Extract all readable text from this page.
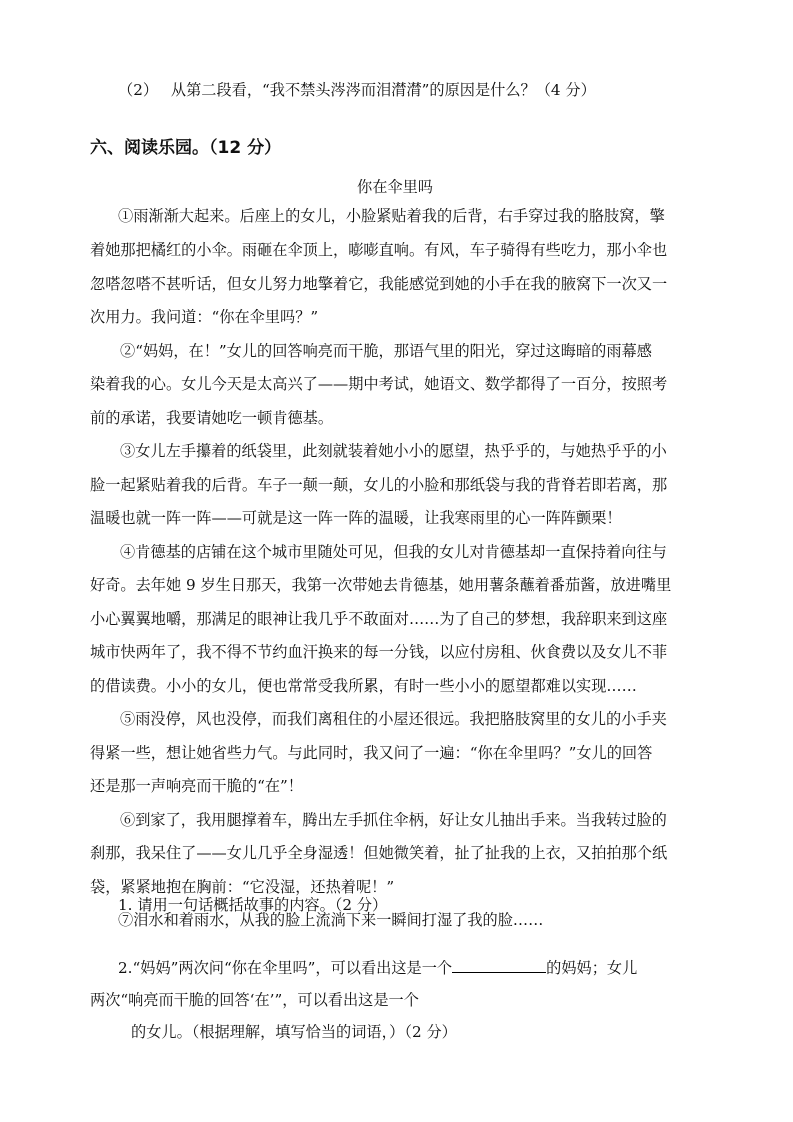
（2） 从第二段看，“我不禁头涔涔而泪潸潸”的原因是什么？（4 分）
六、阅读乐园。（12 分）
你在伞里吗
①雨渐渐大起来。后座上的女儿，小脸紧贴着我的后背，右手穿过我的胳肢窝，擎
着她那把橘红的小伞。雨砸在伞顶上，嘭嘭直响。有风，车子骑得有些吃力，那小伞也
忽嗒忽嗒不甚听话，但女儿努力地擎着它，我能感觉到她的小手在我的腋窝下一次又一
次用力。我问道：“你在伞里吗？”
②“妈妈，在！”女儿的回答响亮而干脆，那语气里的阳光，穿过这晦暗的雨幕感
染着我的心。女儿今天是太高兴了——期中考试，她语文、数学都得了一百分，按照考
前的承诺，我要请她吃一顿肯德基。
③女儿左手攥着的纸袋里，此刻就装着她小小的愿望，热乎乎的，与她热乎乎的小
脸一起紧贴着我的后背。车子一颠一颠，女儿的小脸和那纸袋与我的背脊若即若离，那
温暖也就一阵一阵——可就是这一阵一阵的温暖，让我寒雨里的心一阵阵颤栗！
④肯德基的店铺在这个城市里随处可见，但我的女儿对肯德基却一直保持着向往与
好奇。去年她 9 岁生日那天，我第一次带她去肯德基，她用薯条蘸着番茄酱，放进嘴里
小心翼翼地嚼，那满足的眼神让我几乎不敢面对……为了自己的梦想，我辞职来到这座
城市快两年了，我不得不节约血汗换来的每一分钱，以应付房租、伙食费以及女儿不菲
的借读费。小小的女儿，便也常常受我所累，有时一些小小的愿望都难以实现……
⑤雨没停，风也没停，而我们离租住的小屋还很远。我把胳肢窝里的女儿的小手夹
得紧一些，想让她省些力气。与此同时，我又问了一遍：“你在伞里吗？”女儿的回答
还是那一声响亮而干脆的“在”！
⑥到家了，我用腿撑着车，腾出左手抓住伞柄，好让女儿抽出手来。当我转过脸的
刹那，我呆住了——女儿几乎全身湿透！但她微笑着，扯了扯我的上衣，又拍拍那个纸
袋，紧紧地抱在胸前：“它没湿，还热着呢！”
⑦泪水和着雨水，从我的脸上流淌下来一瞬间打湿了我的脸……
1. 请用一句话概括故事的内容。（2 分）
2.“妈妈”两次问“你在伞里吗”，可以看出这是一个	的妈妈；女儿
两次“响亮而干脆的回答‘在’”，可以看出这是一个
的女儿。（根据理解，填写恰当的词语，）（2 分）
